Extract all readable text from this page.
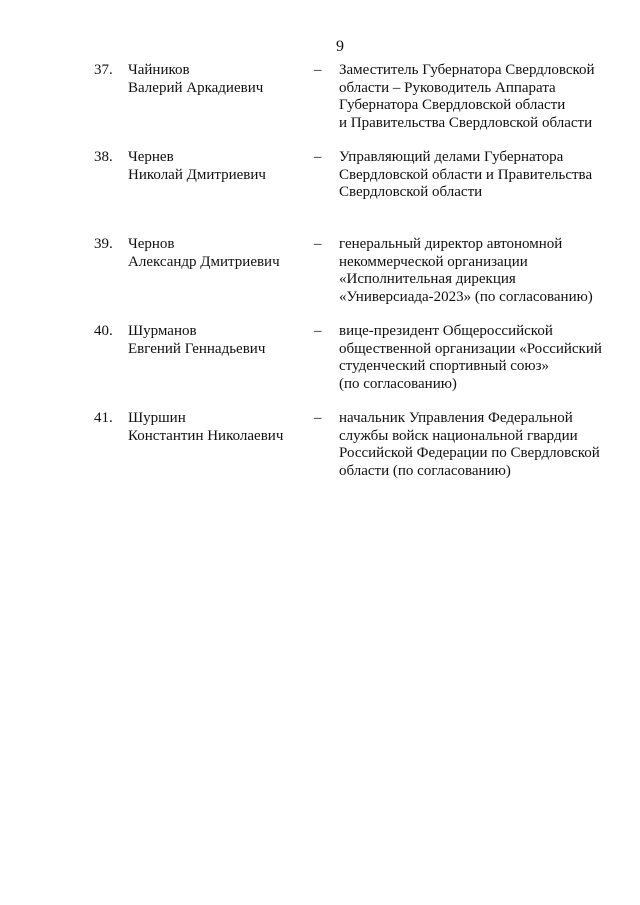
9
37.	Чайников
Валерий Аркадиевич
–	Заместитель Губернатора Свердловской
области – Руководитель Аппарата
Губернатора Свердловской области
и Правительства Свердловской области
38.	Чернев
Николай Дмитриевич
–	Управляющий делами Губернатора
Свердловской области и Правительства
Свердловской области
39.	Чернов
Александр Дмитриевич
–	генеральный директор автономной
некоммерческой организации
«Исполнительная дирекция
«Универсиада-2023» (по согласованию)
40.	Шурманов
Евгений Геннадьевич
–	вице-президент Общероссийской
общественной организации «Российский
студенческий спортивный союз»
(по согласованию)
41.	Шуршин
Константин Николаевич
–	начальник Управления Федеральной
службы войск национальной гвардии
Российской Федерации по Свердловской
области (по согласованию)
